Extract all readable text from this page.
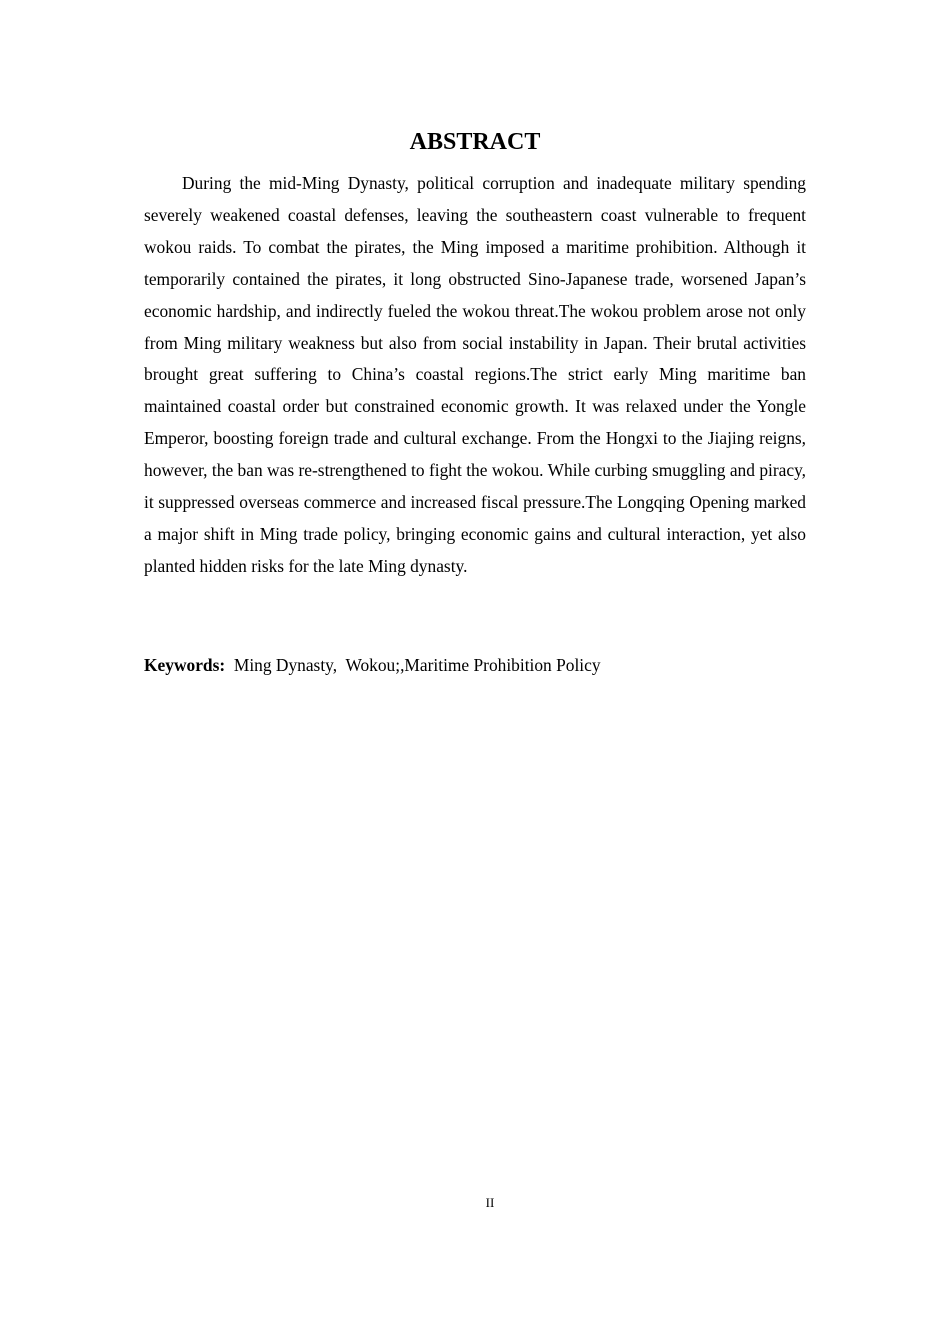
ABSTRACT

During the mid-Ming Dynasty, political corruption and inadequate military spending severely weakened coastal defenses, leaving the southeastern coast vulnerable to frequent wokou raids. To combat the pirates, the Ming imposed a maritime prohibition. Although it temporarily contained the pirates, it long obstructed Sino-Japanese trade, worsened Japan’s economic hardship, and indirectly fueled the wokou threat.The wokou problem arose not only from Ming military weakness but also from social instability in Japan. Their brutal activities brought great suffering to China’s coastal regions.The strict early Ming maritime ban maintained coastal order but constrained economic growth. It was relaxed under the Yongle Emperor, boosting foreign trade and cultural exchange. From the Hongxi to the Jiajing reigns, however, the ban was re-strengthened to fight the wokou. While curbing smuggling and piracy, it suppressed overseas commerce and increased fiscal pressure.The Longqing Opening marked a major shift in Ming trade policy, bringing economic gains and cultural interaction, yet also planted hidden risks for the late Ming dynasty.

Keywords:  Ming Dynasty,  Wokou;,Maritime Prohibition Policy

II
